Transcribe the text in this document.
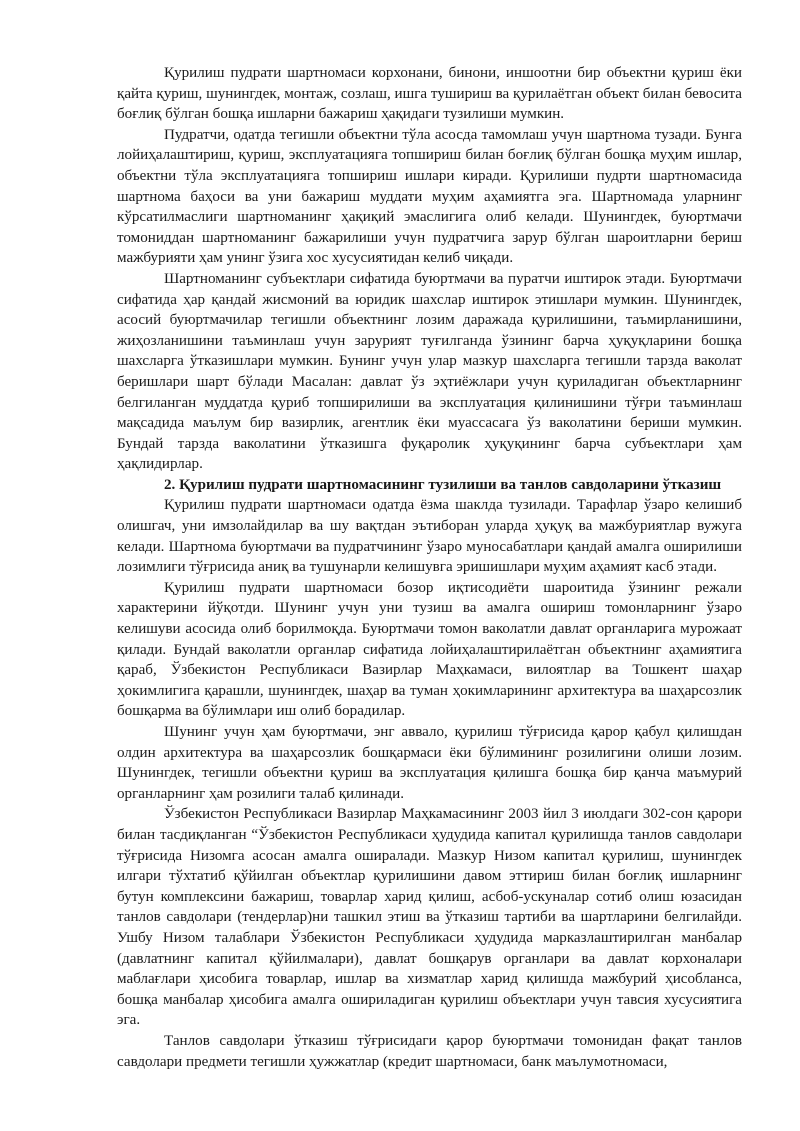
Қурилиш пудрати шартномаси корхонани, бинони, иншоотни бир объектни қуриш ёки қайта қуриш, шунингдек, монтаж, созлаш, ишга тушириш ва қурилаётган объект билан бевосита боғлиқ бўлган бошқа ишларни бажариш ҳақидаги тузилиши мумкин.

Пудратчи, одатда тегишли объектни тўла асосда тамомлаш учун шартнома тузади. Бунга лойиҳалаштириш, қуриш, эксплуатацияга топшириш билан боғлиқ бўлган бошқа муҳим ишлар, объектни тўла эксплуатацияга топшириш ишлари киради. Қурилиши пудрти шартномасида шартнома баҳоси ва уни бажариш муддати муҳим аҳамиятга эга. Шартномада уларнинг кўрсатилмаслиги шартноманинг ҳақиқий эмаслигига олиб келади. Шунингдек, буюртмачи томониддан шартноманинг бажарилиши учун пудратчига зарур бўлган шароитларни бериш мажбурияти ҳам унинг ўзига хос хусусиятидан келиб чиқади.

Шартноманинг субъектлари сифатида буюртмачи ва пуратчи иштирок этади. Буюртмачи сифатида ҳар қандай жисмоний ва юридик шахслар иштирок этишлари мумкин. Шунингдек, асосий буюртмачилар тегишли объектнинг лозим даражада қурилишини, таъмирланишини, жиҳозланишини таъминлаш учун зарурият туғилганда ўзининг барча ҳуқуқларини бошқа шахсларга ўтказишлари мумкин. Бунинг учун улар мазкур шахсларга тегишли тарзда ваколат беришлари шарт бўлади Масалан: давлат ўз эҳтиёжлари учун қуриладиган объектларнинг белгиланган муддатда қуриб топширилиши ва эксплуатация қилинишини тўғри таъминлаш мақсадида маълум бир вазирлик, агентлик ёки муассасага ўз ваколатини бериши мумкин. Бундай тарзда ваколатини ўтказишга фуқаролик ҳуқуқининг барча субъектлари ҳам ҳақлидирлар.

2. Қурилиш пудрати шартномасининг тузилиши ва танлов савдоларини ўтказиш

Қурилиш пудрати шартномаси одатда ёзма шаклда тузилади. Тарафлар ўзаро келишиб олишгач, уни имзолайдилар ва шу вақтдан эътиборан уларда ҳуқуқ ва мажбуриятлар вужуга келади. Шартнома буюртмачи ва пудратчининг ўзаро муносабатлари қандай амалга оширилиши лозимлиги тўғрисида аниқ ва тушунарли келишувга эришишлари муҳим аҳамият касб этади.

Қурилиш пудрати шартномаси бозор иқтисодиёти шароитида ўзининг режали характерини йўқотди. Шунинг учун уни тузиш ва амалга ошириш томонларнинг ўзаро келишуви асосида олиб борилмоқда. Буюртмачи томон ваколатли давлат органларига мурожаат қилади. Бундай ваколатли органлар сифатида лойиҳалаштирилаётган объектнинг аҳамиятига қараб, Ўзбекистон Республикаси Вазирлар Маҳкамаси, вилоятлар ва Тошкент шаҳар ҳокимлигига қарашли, шунингдек, шаҳар ва туман ҳокимларининг архитектура ва шаҳарсозлик бошқарма ва бўлимлари иш олиб борадилар.

Шунинг учун ҳам буюртмачи, энг аввало, қурилиш тўғрисида қарор қабул қилишдан олдин архитектура ва шаҳарсозлик бошқармаси ёки бўлимининг розилигини олиши лозим. Шунингдек, тегишли объектни қуриш ва эксплуатация қилишга бошқа бир қанча маъмурий органларнинг ҳам розилиги талаб қилинади.

Ўзбекистон Республикаси Вазирлар Маҳкамасининг 2003 йил 3 июлдаги 302-сон қарори билан тасдиқланган “Ўзбекистон Республикаси ҳудудида капитал қурилишда танлов савдолари тўғрисида Низомга асосан амалга оширалади. Мазкур Низом капитал қурилиш, шунингдек илгари тўхтатиб қўйилган объектлар қурилишини давом эттириш билан боғлиқ ишларнинг бутун комплексини бажариш, товарлар харид қилиш, асбоб-ускуналар сотиб олиш юзасидан танлов савдолари (тендерлар)ни ташкил этиш ва ўтказиш тартиби ва шартларини белгилайди. Ушбу Низом талаблари Ўзбекистон Республикаси ҳудудида марказлаштирилган манбалар (давлатнинг капитал қўйилмалари), давлат бошқарув органлари ва давлат корхоналари маблағлари ҳисобига товарлар, ишлар ва хизматлар харид қилишда мажбурий ҳисобланса, бошқа манбалар ҳисобига амалга ошириладиган қурилиш объектлари учун тавсия хусусиятига эга.

Танлов савдолари ўтказиш тўғрисидаги қарор буюртмачи томонидан фақат танлов савдолари предмети тегишли ҳужжатлар (кредит шартномаси, банк маълумотномаси,
